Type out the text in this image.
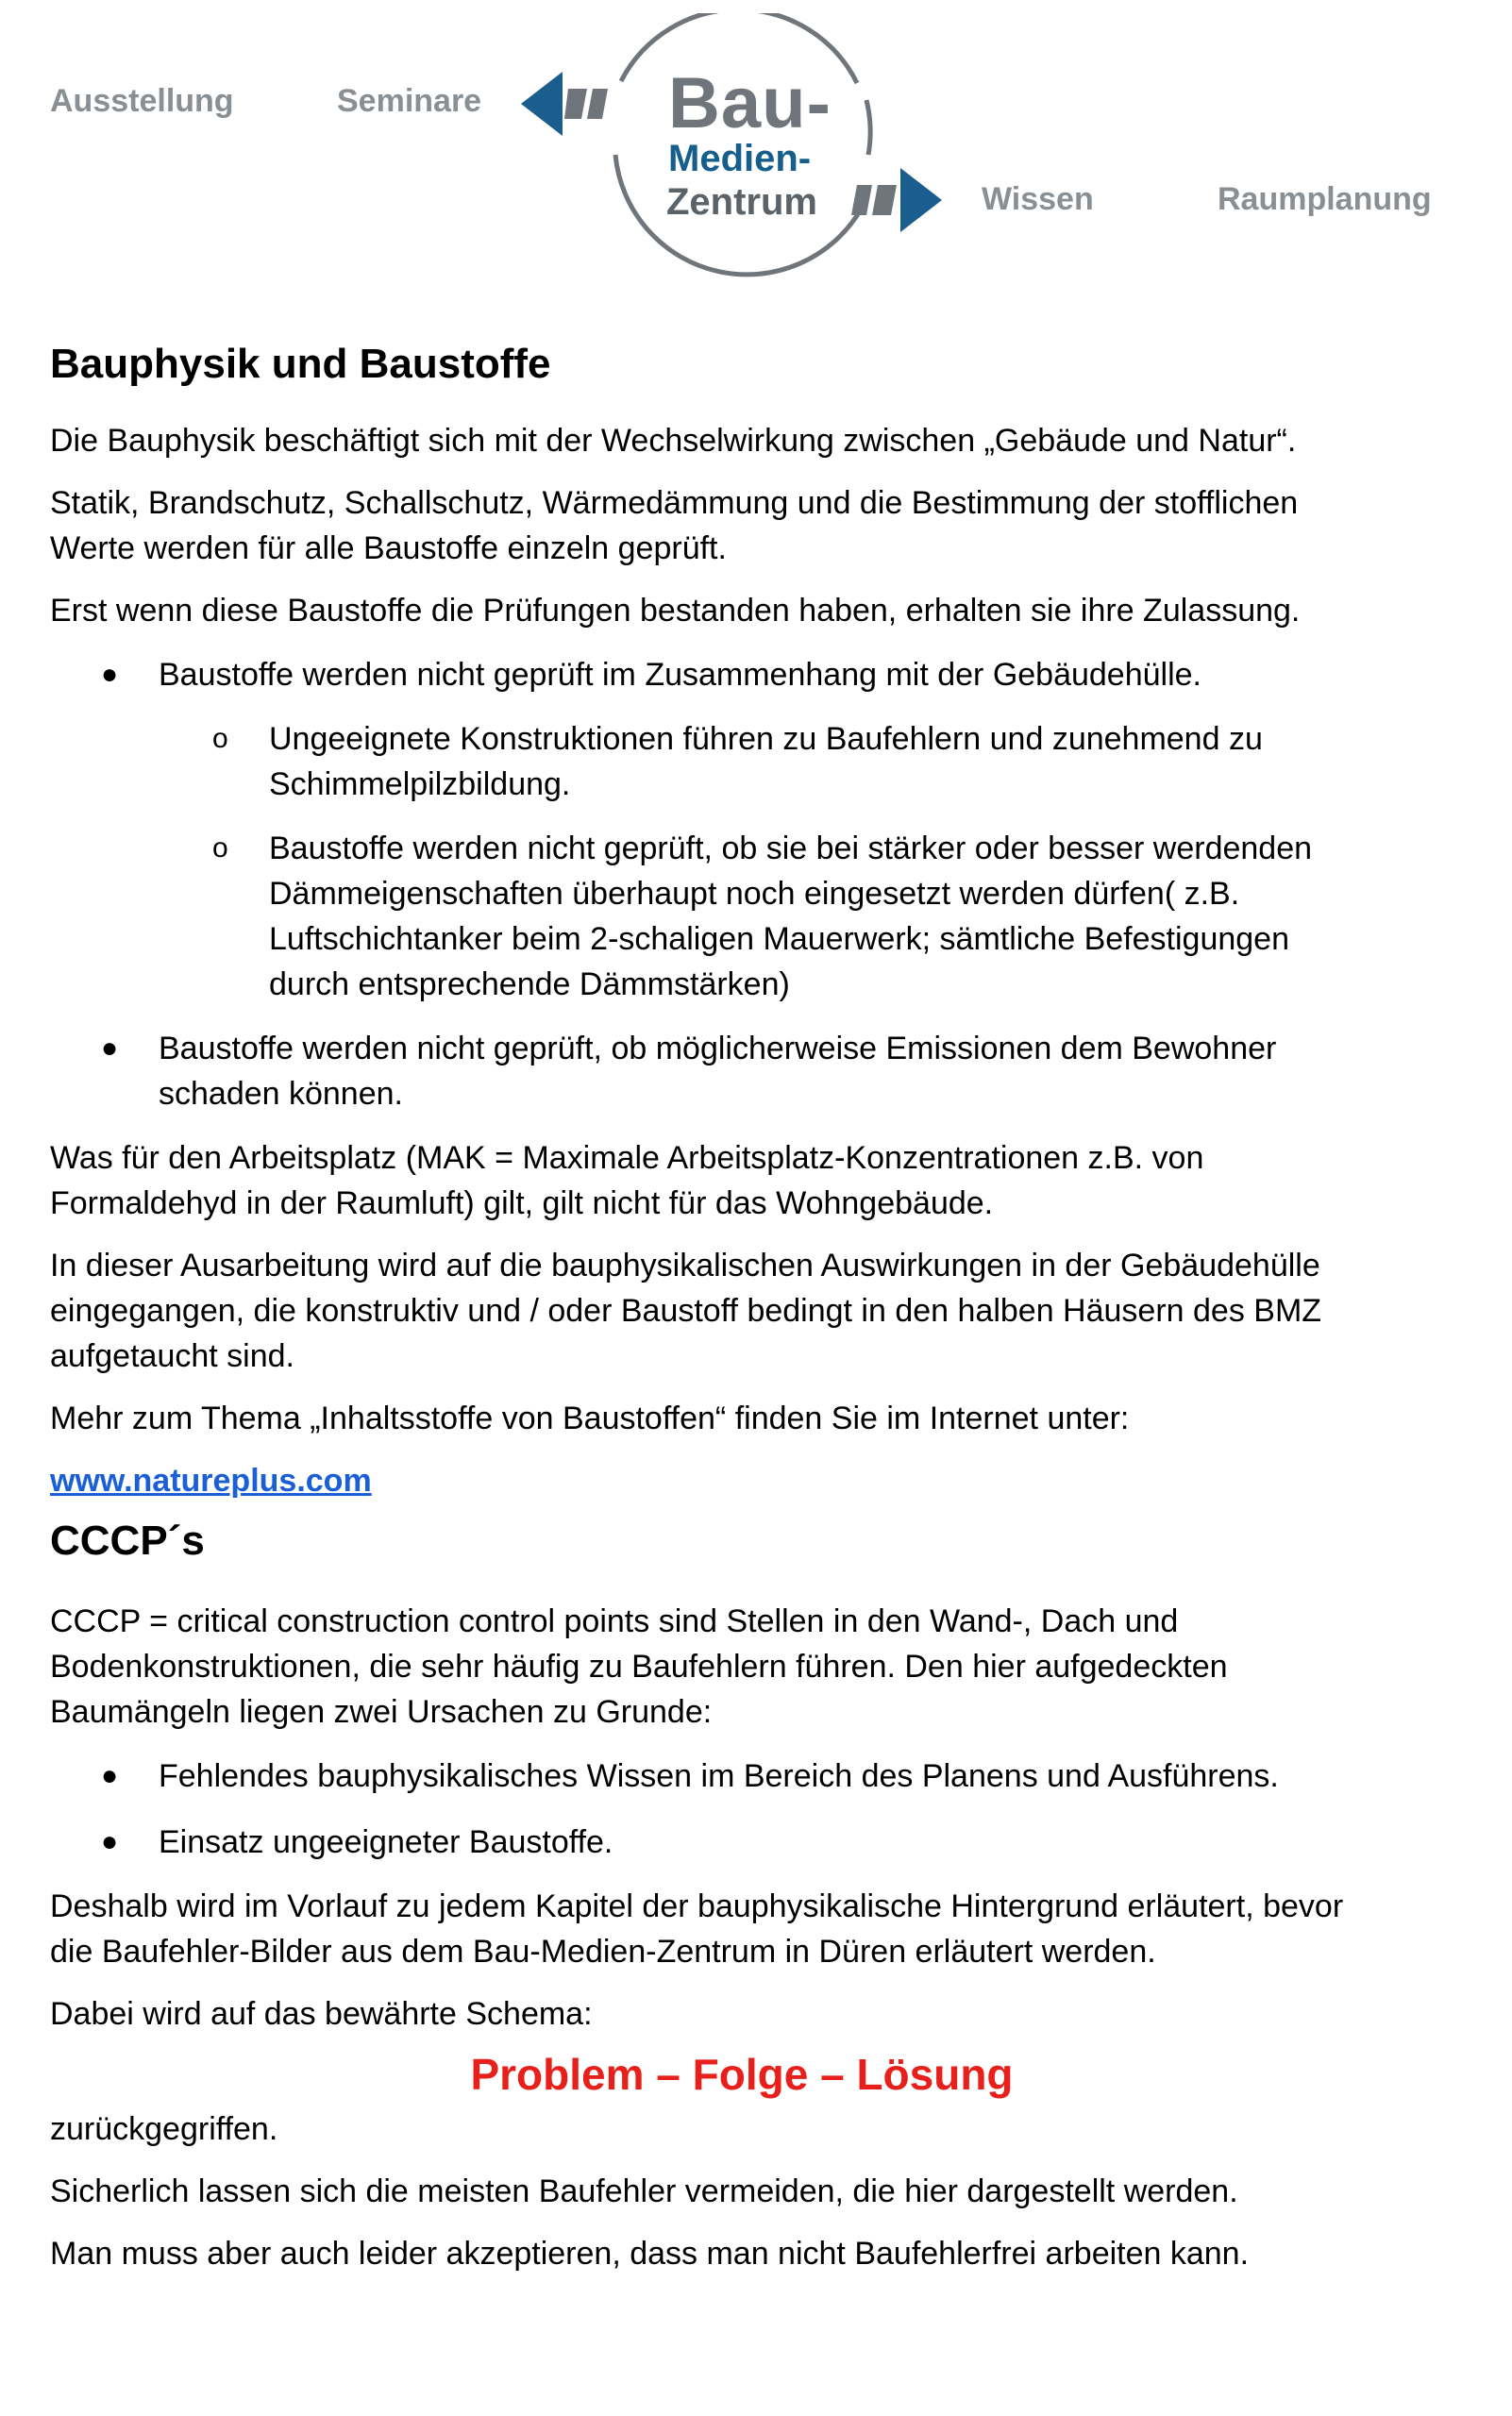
Ausstellung	Seminare	Bau-
Medien-
Zentrum	Wissen	Raumplanung
Bauphysik und Baustoffe

Die Bauphysik beschäftigt sich mit der Wechselwirkung zwischen „Gebäude und Natur“.

Statik, Brandschutz, Schallschutz, Wärmedämmung und die Bestimmung der stofflichen
Werte werden für alle Baustoffe einzeln geprüft.

Erst wenn diese Baustoffe die Prüfungen bestanden haben, erhalten sie ihre Zulassung.

● Baustoffe werden nicht geprüft im Zusammenhang mit der Gebäudehülle.
o Ungeeignete Konstruktionen führen zu Baufehlern und zunehmend zu
Schimmelpilzbildung.
o Baustoffe werden nicht geprüft, ob sie bei stärker oder besser werdenden
Dämmeigenschaften überhaupt noch eingesetzt werden dürfen( z.B.
Luftschichtanker beim 2-schaligen Mauerwerk; sämtliche Befestigungen
durch entsprechende Dämmstärken)
● Baustoffe werden nicht geprüft, ob möglicherweise Emissionen dem Bewohner
schaden können.

Was für den Arbeitsplatz (MAK = Maximale Arbeitsplatz-Konzentrationen z.B. von
Formaldehyd in der Raumluft) gilt, gilt nicht für das Wohngebäude.

In dieser Ausarbeitung wird auf die bauphysikalischen Auswirkungen in der Gebäudehülle
eingegangen, die konstruktiv und / oder Baustoff bedingt in den halben Häusern des BMZ
aufgetaucht sind.

Mehr zum Thema „Inhaltsstoffe von Baustoffen“ finden Sie im Internet unter:

www.natureplus.com
CCCP´s

CCCP = critical construction control points sind Stellen in den Wand-, Dach und
Bodenkonstruktionen, die sehr häufig zu Baufehlern führen. Den hier aufgedeckten
Baumängeln liegen zwei Ursachen zu Grunde:

● Fehlendes bauphysikalisches Wissen im Bereich des Planens und Ausführens.
● Einsatz ungeeigneter Baustoffe.

Deshalb wird im Vorlauf zu jedem Kapitel der bauphysikalische Hintergrund erläutert, bevor
die Baufehler-Bilder aus dem Bau-Medien-Zentrum in Düren erläutert werden.

Dabei wird auf das bewährte Schema:

Problem – Folge – Lösung

zurückgegriffen.

Sicherlich lassen sich die meisten Baufehler vermeiden, die hier dargestellt werden.

Man muss aber auch leider akzeptieren, dass man nicht Baufehlerfrei arbeiten kann.
